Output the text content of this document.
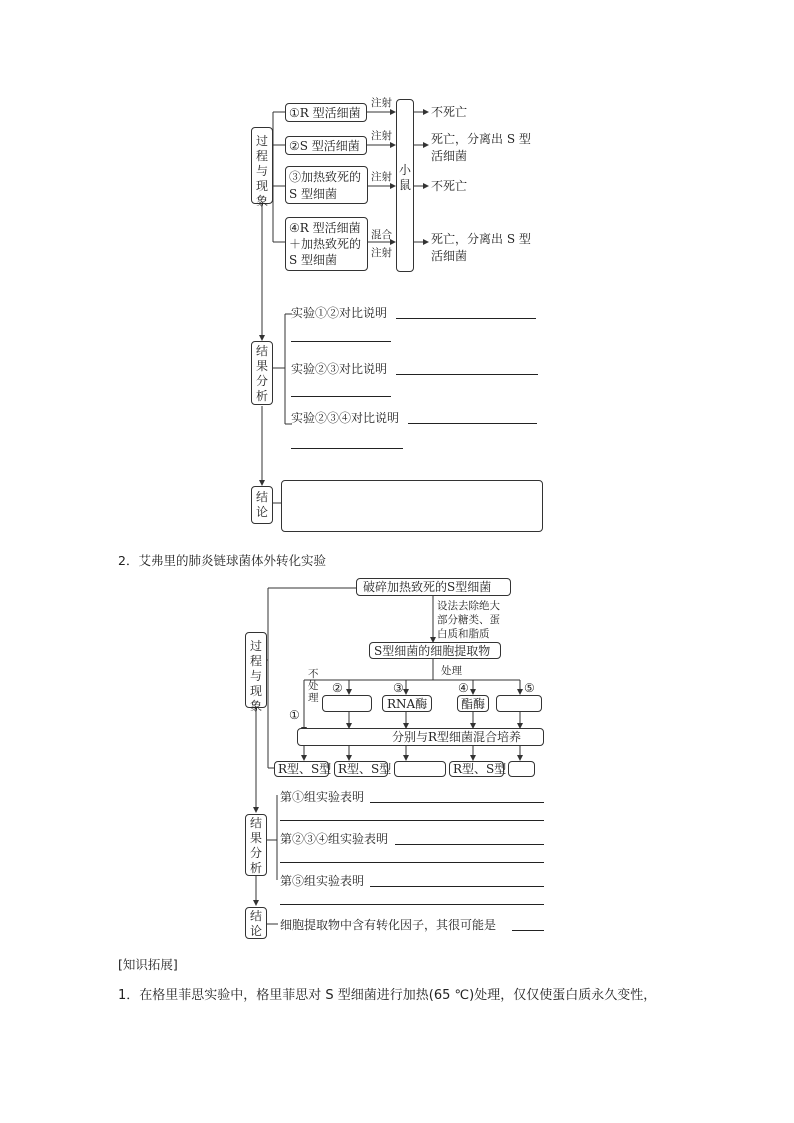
过程与现象
结果分析
结论
①R 型活细菌
②S 型活细菌
③加热致死的
S 型细菌
④R 型活细菌
＋加热致死的
S 型细菌
注射
注射
注射
混合
注射
小鼠
不死亡
死亡，分离出 S 型
活细菌
不死亡
死亡，分离出 S 型
活细菌
实验①②对比说明
实验②③对比说明
实验②③④对比说明
2．艾弗里的肺炎链球菌体外转化实验
过程与现象
结果分析
结论
破碎加热致死的S型细菌
设法去除绝大
部分糖类、蛋
白质和脂质
S型细菌的细胞提取物
处理
不处理
①
②	③	④	⑤
RNA酶	酯酶
分别与R型细菌混合培养
R型、S型 R型、S型	R型、S型
第①组实验表明
第②③④组实验表明
第⑤组实验表明
细胞提取物中含有转化因子，其很可能是
[知识拓展]
1．在格里菲思实验中，格里菲思对 S 型细菌进行加热(65 ℃)处理，仅仅使蛋白质永久变性，
